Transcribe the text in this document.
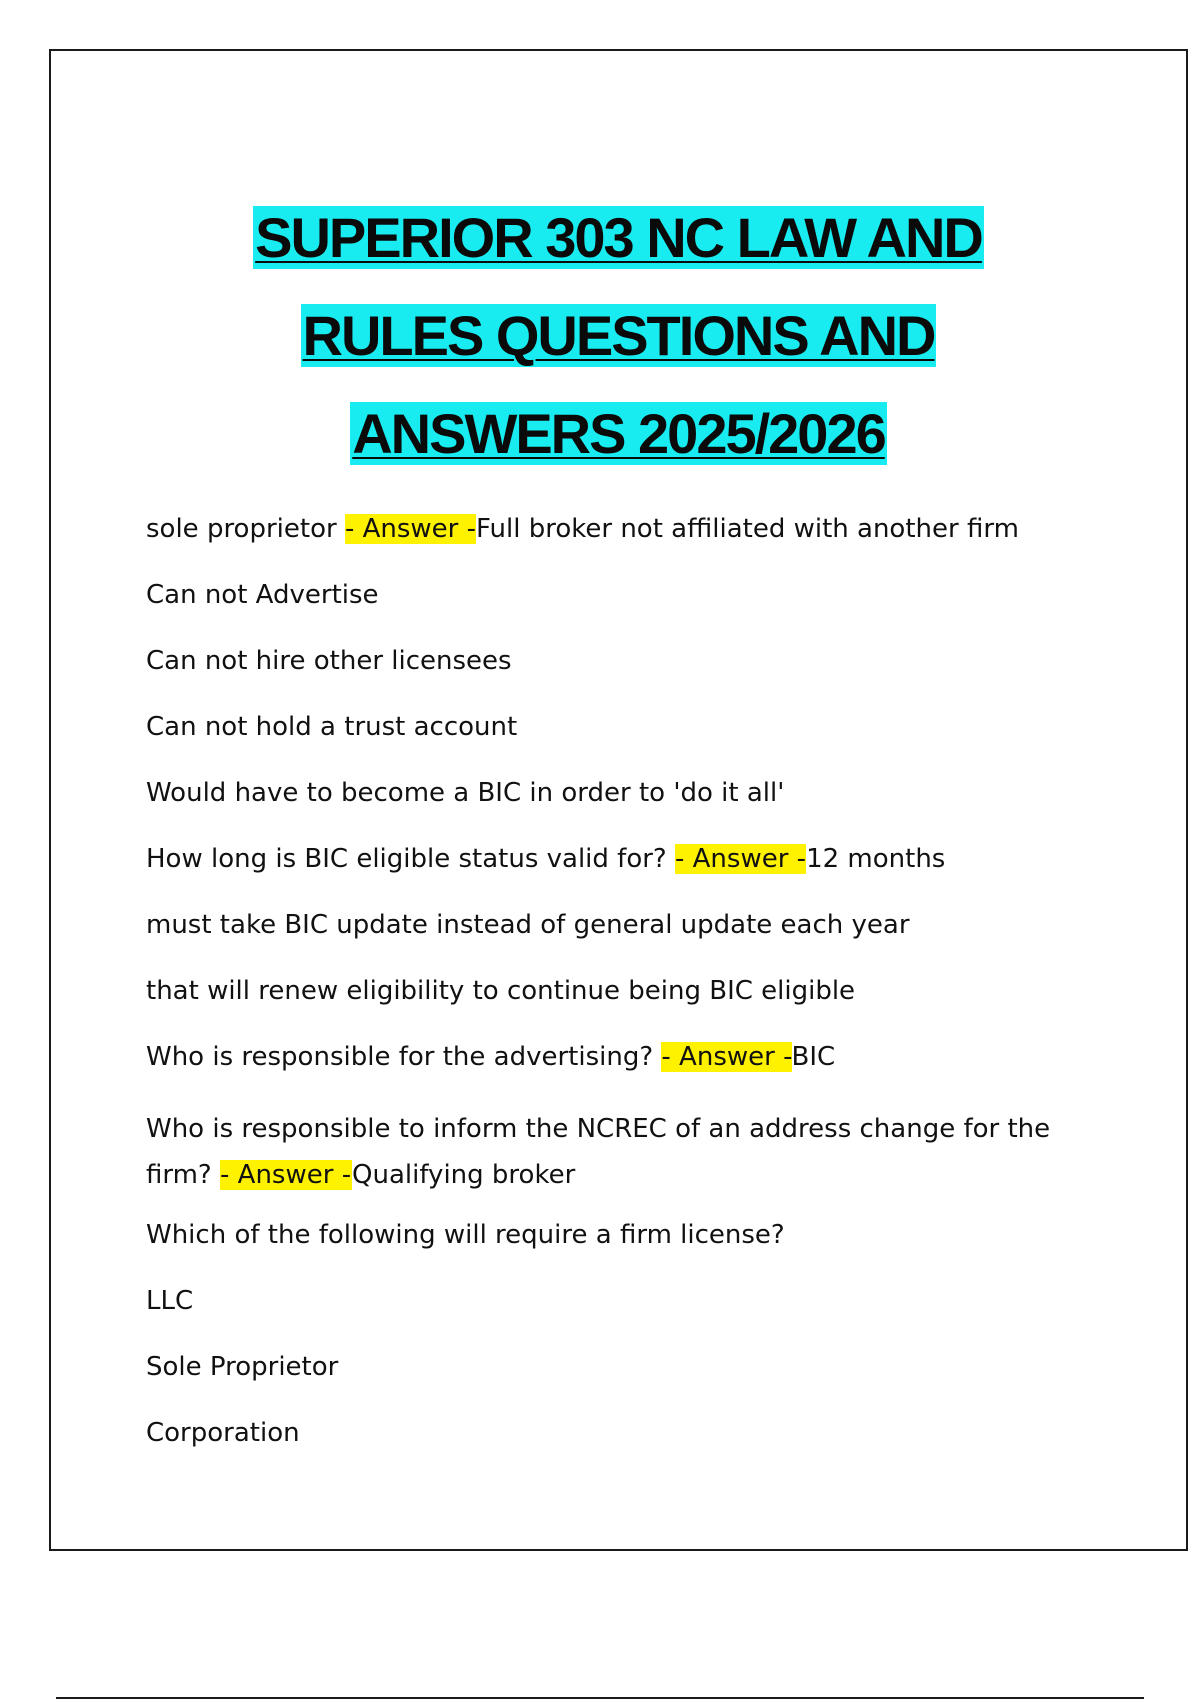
SUPERIOR 303 NC LAW AND
RULES QUESTIONS AND
ANSWERS 2025/2026
sole proprietor - Answer -Full broker not affiliated with another firm
Can not Advertise
Can not hire other licensees
Can not hold a trust account
Would have to become a BIC in order to 'do it all'
How long is BIC eligible status valid for? - Answer -12 months
must take BIC update instead of general update each year
that will renew eligibility to continue being BIC eligible
Who is responsible for the advertising? - Answer -BIC
Who is responsible to inform the NCREC of an address change for the firm? - Answer -Qualifying broker
Which of the following will require a firm license?
LLC
Sole Proprietor
Corporation
